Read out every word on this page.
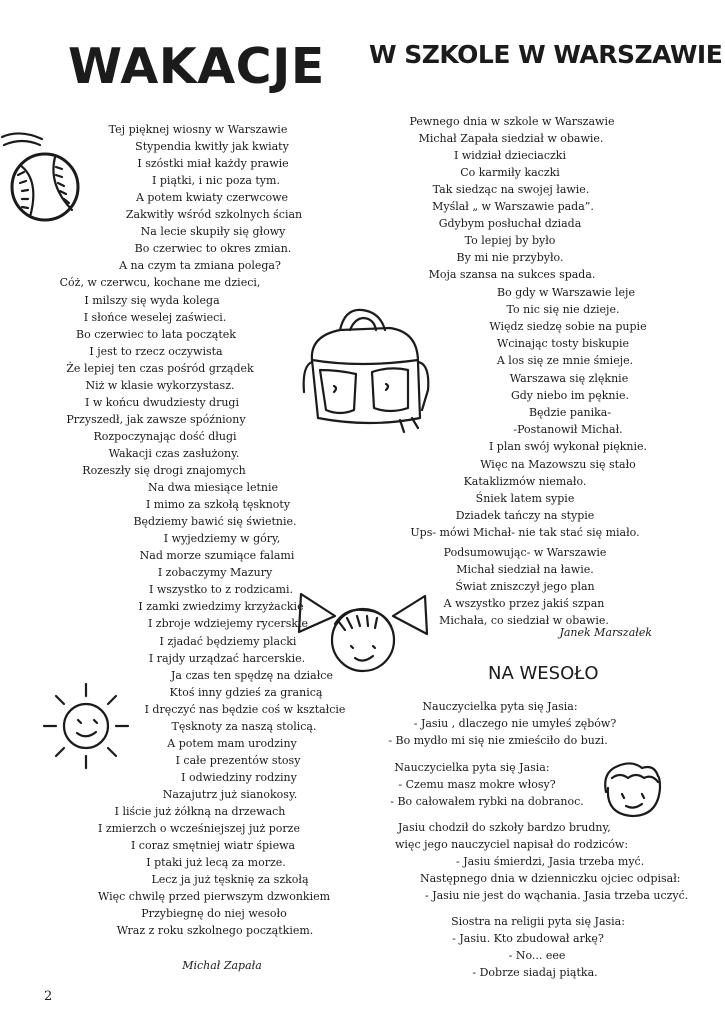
WAKACJE W SZKOLE W WARSZAWIE
NA WESOŁO
Tej pięknej wiosny w Warszawie
Stypendia kwitły jak kwiaty
I szóstki miał każdy prawie
I piątki, i nic poza tym.
A potem kwiaty czerwcowe
Zakwitły wśród szkolnych ścian
Na lecie skupiły się głowy
Bo czerwiec to okres zmian.
A na czym ta zmiana polega?
Cóż, w czerwcu, kochane me dzieci,
I milszy się wyda kolega
I słońce weselej zaświeci.
Bo czerwiec to lata początek
I jest to rzecz oczywista
Że lepiej ten czas pośród grządek
Niż w klasie wykorzystasz.
I w końcu dwudziesty drugi
Przyszedł, jak zawsze spóźniony
Rozpoczynając dość długi
Wakacji czas zasłużony.
Rozeszły się drogi znajomych
Na dwa miesiące letnie
I mimo za szkołą tęsknoty
Będziemy bawić się świetnie.
I wyjedziemy w góry,
Nad morze szumiące falami
I zobaczymy Mazury
I wszystko to z rodzicami.
I zamki zwiedzimy krzyżackie
I zbroje wdziejemy rycerskie
I zjadać będziemy placki
I rajdy urządzać harcerskie.
Ja czas ten spędzę na działce
Ktoś inny gdzieś za granicą
I dręczyć nas będzie coś w kształcie
Tęsknoty za naszą stolicą.
A potem mam urodziny
I całe prezentów stosy
I odwiedziny rodziny
Nazajutrz już sianokosy.
I liście już żółkną na drzewach
I zmierzch o wcześniejszej już porze
I coraz smętniej wiatr śpiewa
I ptaki już lecą za morze.
Lecz ja już tęsknię za szkołą
Więc chwilę przed pierwszym dzwonkiem
Przybiegnę do niej wesoło
Wraz z roku szkolnego początkiem.
Pewnego dnia w szkole w Warszawie
Michał Zapała siedział w obawie.
I widział dzieciaczki
Co karmiły kaczki
Tak siedząc na swojej ławie.
Myślał „ w Warszawie pada”.
Gdybym posłuchał dziada
To lepiej by było
By mi nie przybyło.
Moja szansa na sukces spada.
Bo gdy w Warszawie leje
To nic się nie dzieje.
Więdz siedzę sobie na pupie
Wcinając tosty biskupie
A los się ze mnie śmieje.
Warszawa się zlęknie
Gdy niebo im pęknie.
Będzie panika-
-Postanowił Michał.
I plan swój wykonał pięknie.
Więc na Mazowszu się stało
Kataklizmów niemało.
Śniek latem sypie
Dziadek tańczy na stypie
Ups- mówi Michał- nie tak stać się miało.
Podsumowując- w Warszawie
Michał siedział na ławie.
Świat zniszczył jego plan
A wszystko przez jakiś szpan
Michała, co siedział w obawie.
Nauczycielka pyta się Jasia:
- Jasiu , dlaczego nie umyłeś zębów?
- Bo mydło mi się nie zmieściło do buzi.
Nauczycielka pyta się Jasia:
- Czemu masz mokre włosy?
- Bo całowałem rybki na dobranoc.
Jasiu chodził do szkoły bardzo brudny,
więc jego nauczyciel napisał do rodziców:
- Jasiu śmierdzi, Jasia trzeba myć.
Następnego dnia w dzienniczku ojciec odpisał:
- Jasiu nie jest do wąchania. Jasia trzeba uczyć.
Siostra na religii pyta się Jasia:
- Jasiu. Kto zbudował arkę?
- No... eee
- Dobrze siadaj piątka.
Michał Zapała
Janek Marszałek
2
